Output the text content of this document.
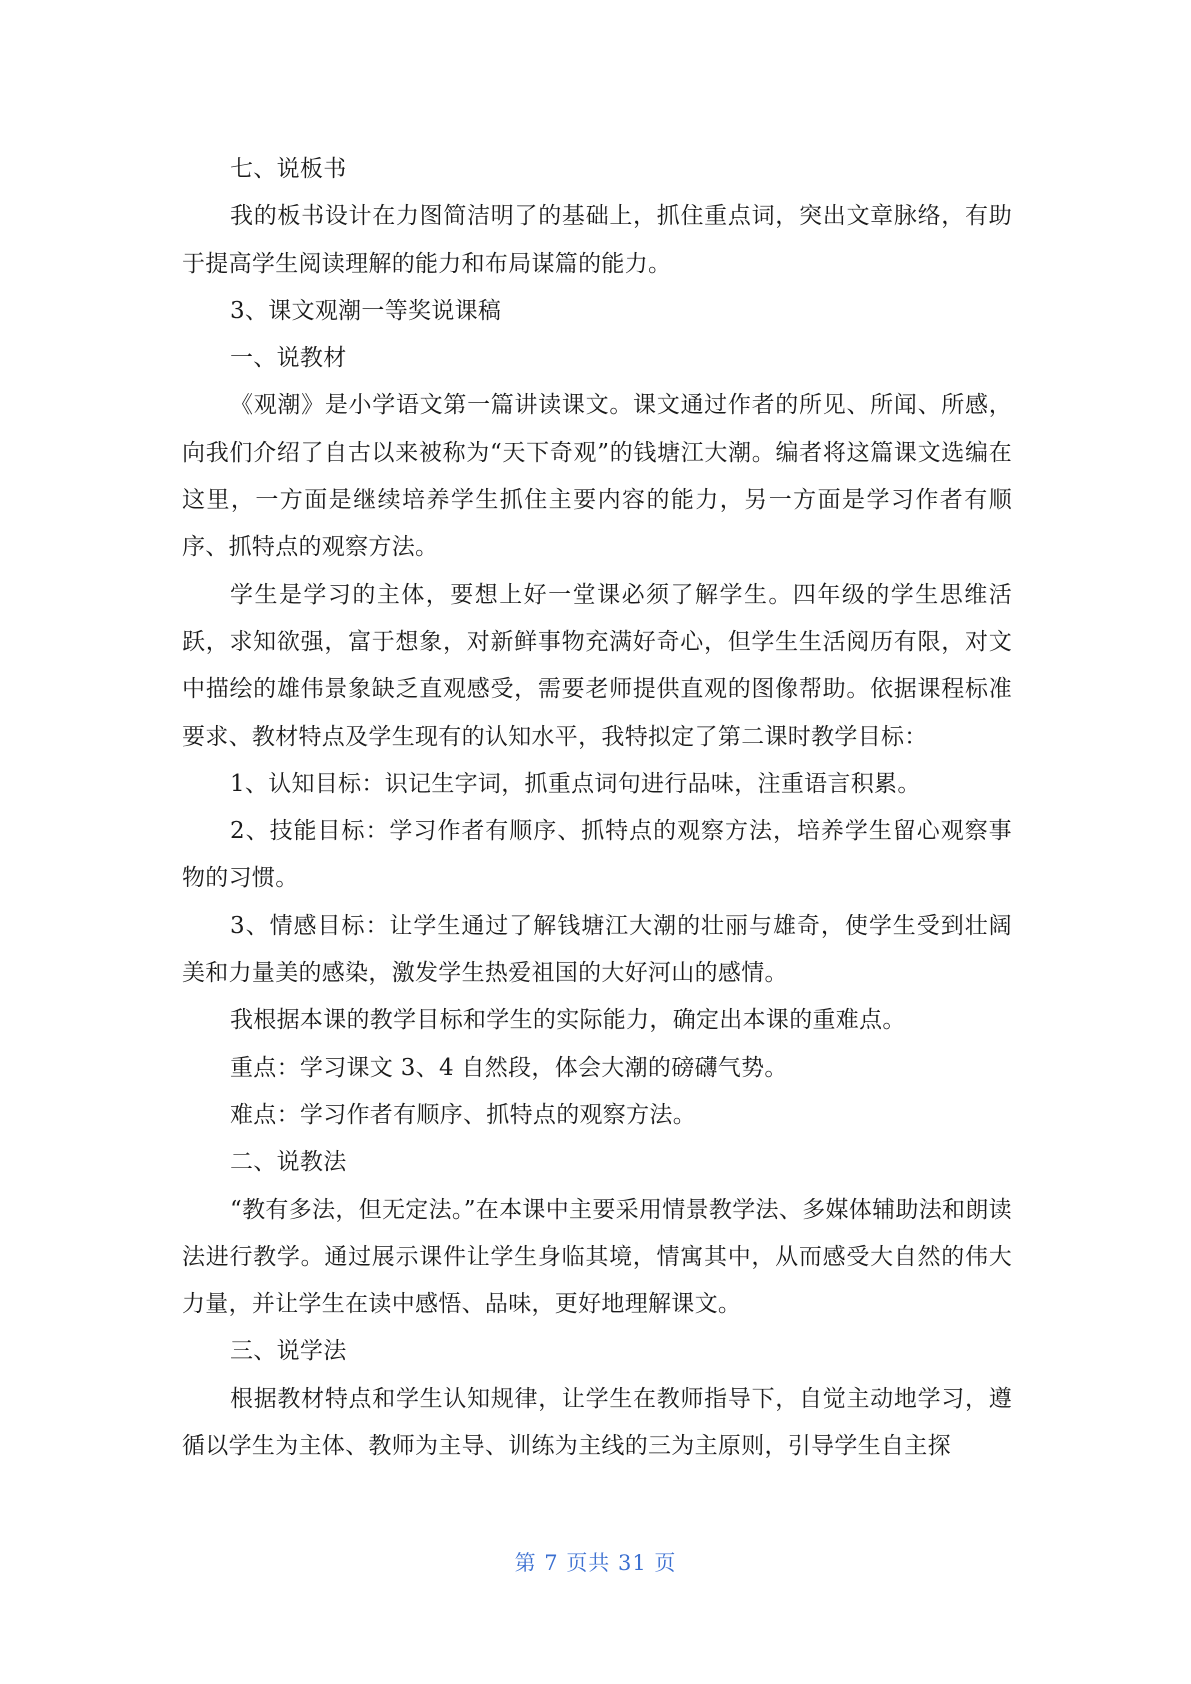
七、说板书

我的板书设计在力图简洁明了的基础上，抓住重点词，突出文章脉络，有助于提高学生阅读理解的能力和布局谋篇的能力。

3、课文观潮一等奖说课稿

一、说教材

《观潮》是小学语文第一篇讲读课文。课文通过作者的所见、所闻、所感，向我们介绍了自古以来被称为“天下奇观”的钱塘江大潮。编者将这篇课文选编在这里，一方面是继续培养学生抓住主要内容的能力，另一方面是学习作者有顺序、抓特点的观察方法。

学生是学习的主体，要想上好一堂课必须了解学生。四年级的学生思维活跃，求知欲强，富于想象，对新鲜事物充满好奇心，但学生生活阅历有限，对文中描绘的雄伟景象缺乏直观感受，需要老师提供直观的图像帮助。依据课程标准要求、教材特点及学生现有的认知水平，我特拟定了第二课时教学目标：

1、认知目标：识记生字词，抓重点词句进行品味，注重语言积累。

2、技能目标：学习作者有顺序、抓特点的观察方法，培养学生留心观察事物的习惯。

3、情感目标：让学生通过了解钱塘江大潮的壮丽与雄奇，使学生受到壮阔美和力量美的感染，激发学生热爱祖国的大好河山的感情。

我根据本课的教学目标和学生的实际能力，确定出本课的重难点。

重点：学习课文 3、4 自然段，体会大潮的磅礴气势。

难点：学习作者有顺序、抓特点的观察方法。

二、说教法

“教有多法，但无定法。”在本课中主要采用情景教学法、多媒体辅助法和朗读法进行教学。通过展示课件让学生身临其境，情寓其中，从而感受大自然的伟大力量，并让学生在读中感悟、品味，更好地理解课文。

三、说学法

根据教材特点和学生认知规律，让学生在教师指导下，自觉主动地学习，遵循以学生为主体、教师为主导、训练为主线的三为主原则，引导学生自主探

第 7 页共 31 页
